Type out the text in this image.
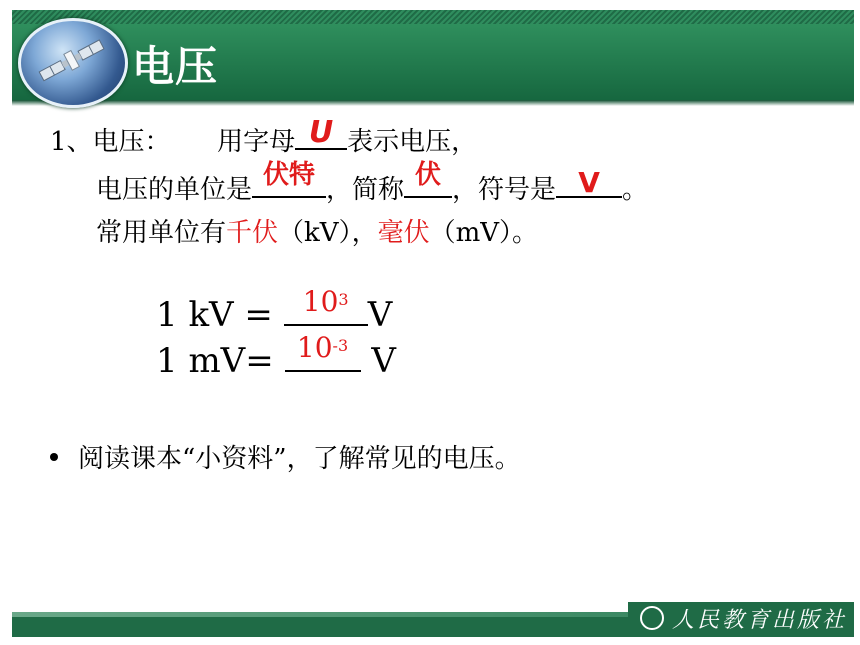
电压
1、电压： 用字母 U 表示电压，
电压的单位是 伏特 ，简称 伏 ，符号是 V 。
常用单位有千伏（kV），毫伏（mV）。
1 kV = $10^3$ V
1 $mV= 10^{-3}$ V
阅读课本“小资料”，了解常见的电压。
人民教育出版社
